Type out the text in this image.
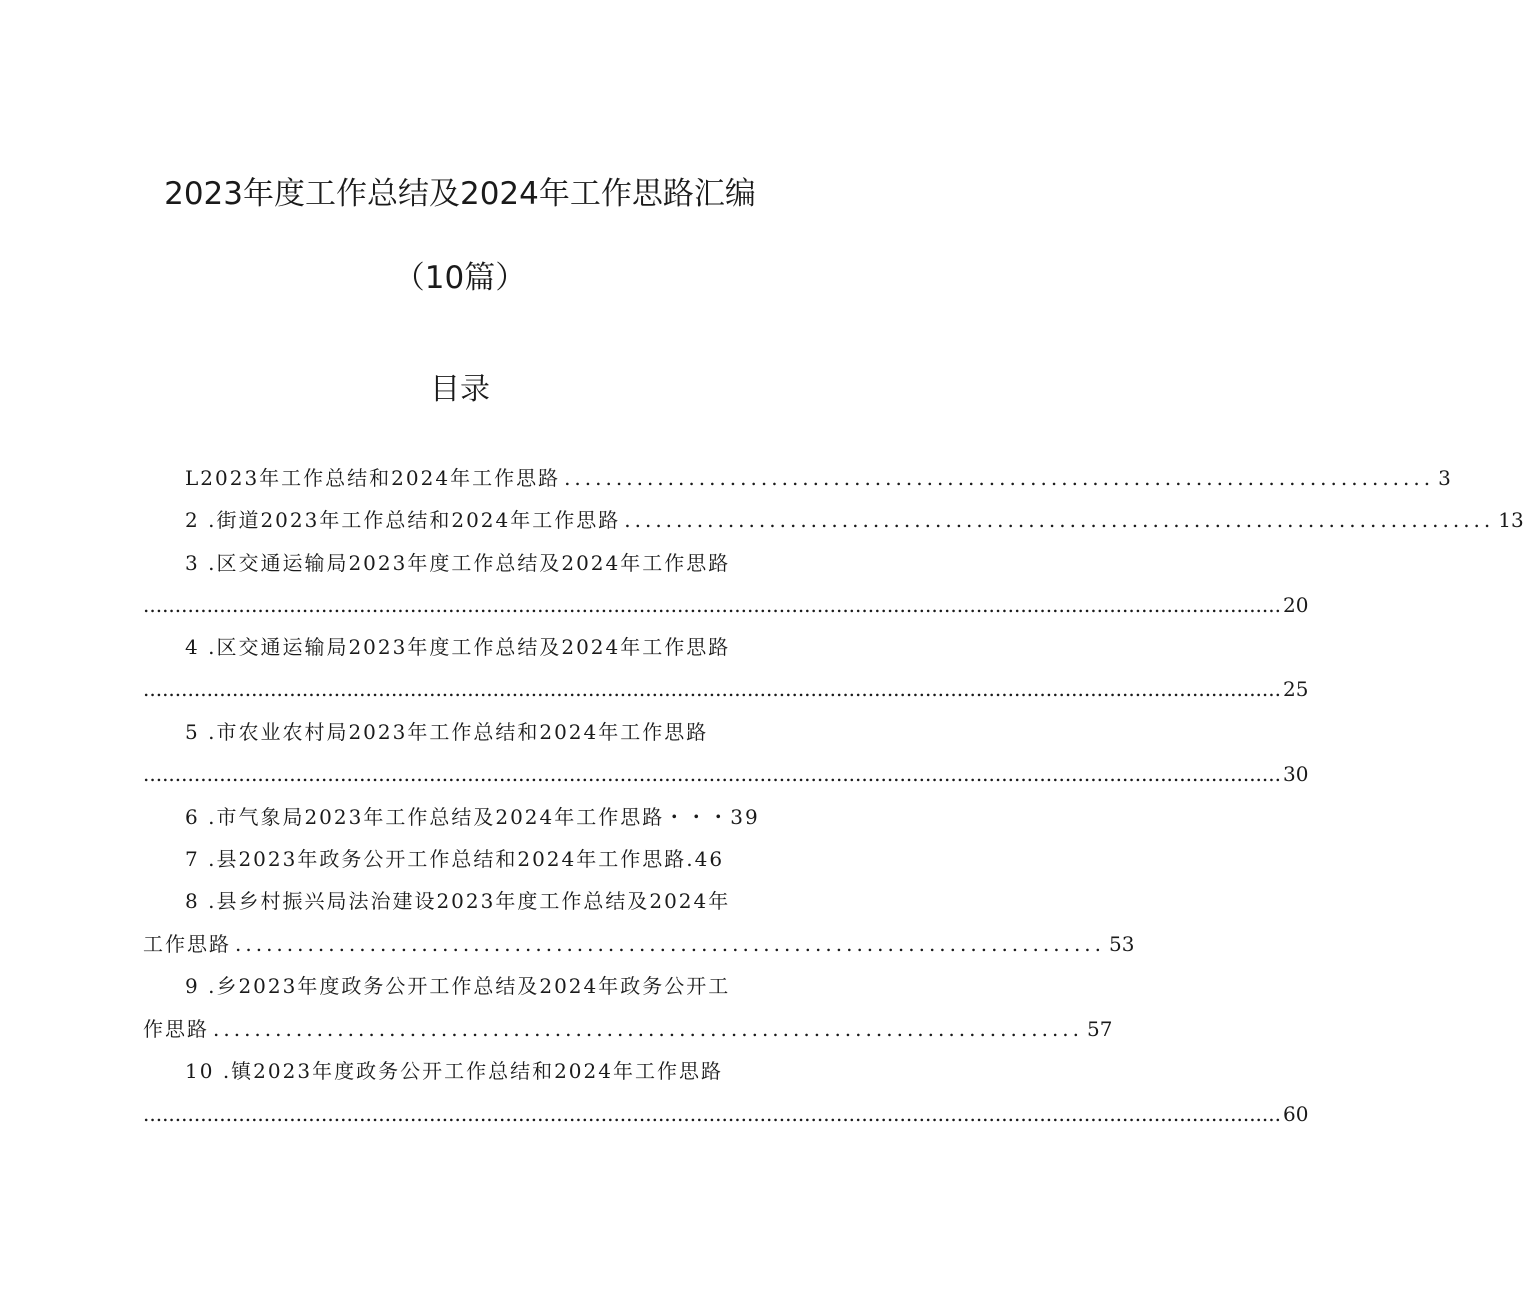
2023年度工作总结及2024年工作思路汇编
（10篇）
目录
L2023年工作总结和2024年工作思路 .................................................................................... 3
2 .街道2023年工作总结和2024年工作思路 .................................................................................... 13
3 .区交通运输局2023年度工作总结及2024年工作思路
................................................................................................................................................................................... 20
4 .区交通运输局2023年度工作总结及2024年工作思路
................................................................................................................................................................................... 25
5 .市农业农村局2023年工作总结和2024年工作思路
................................................................................................................................................................................... 30
6 .市气象局2023年工作总结及2024年工作思路・・・39
7 .县2023年政务公开工作总结和2024年工作思路.46
8 .县乡村振兴局法治建设2023年度工作总结及2024年
工作思路 .................................................................................... 53
9 .乡2023年度政务公开工作总结及2024年政务公开工
作思路 .................................................................................... 57
10 .镇2023年度政务公开工作总结和2024年工作思路
................................................................................................................................................................................... 60
